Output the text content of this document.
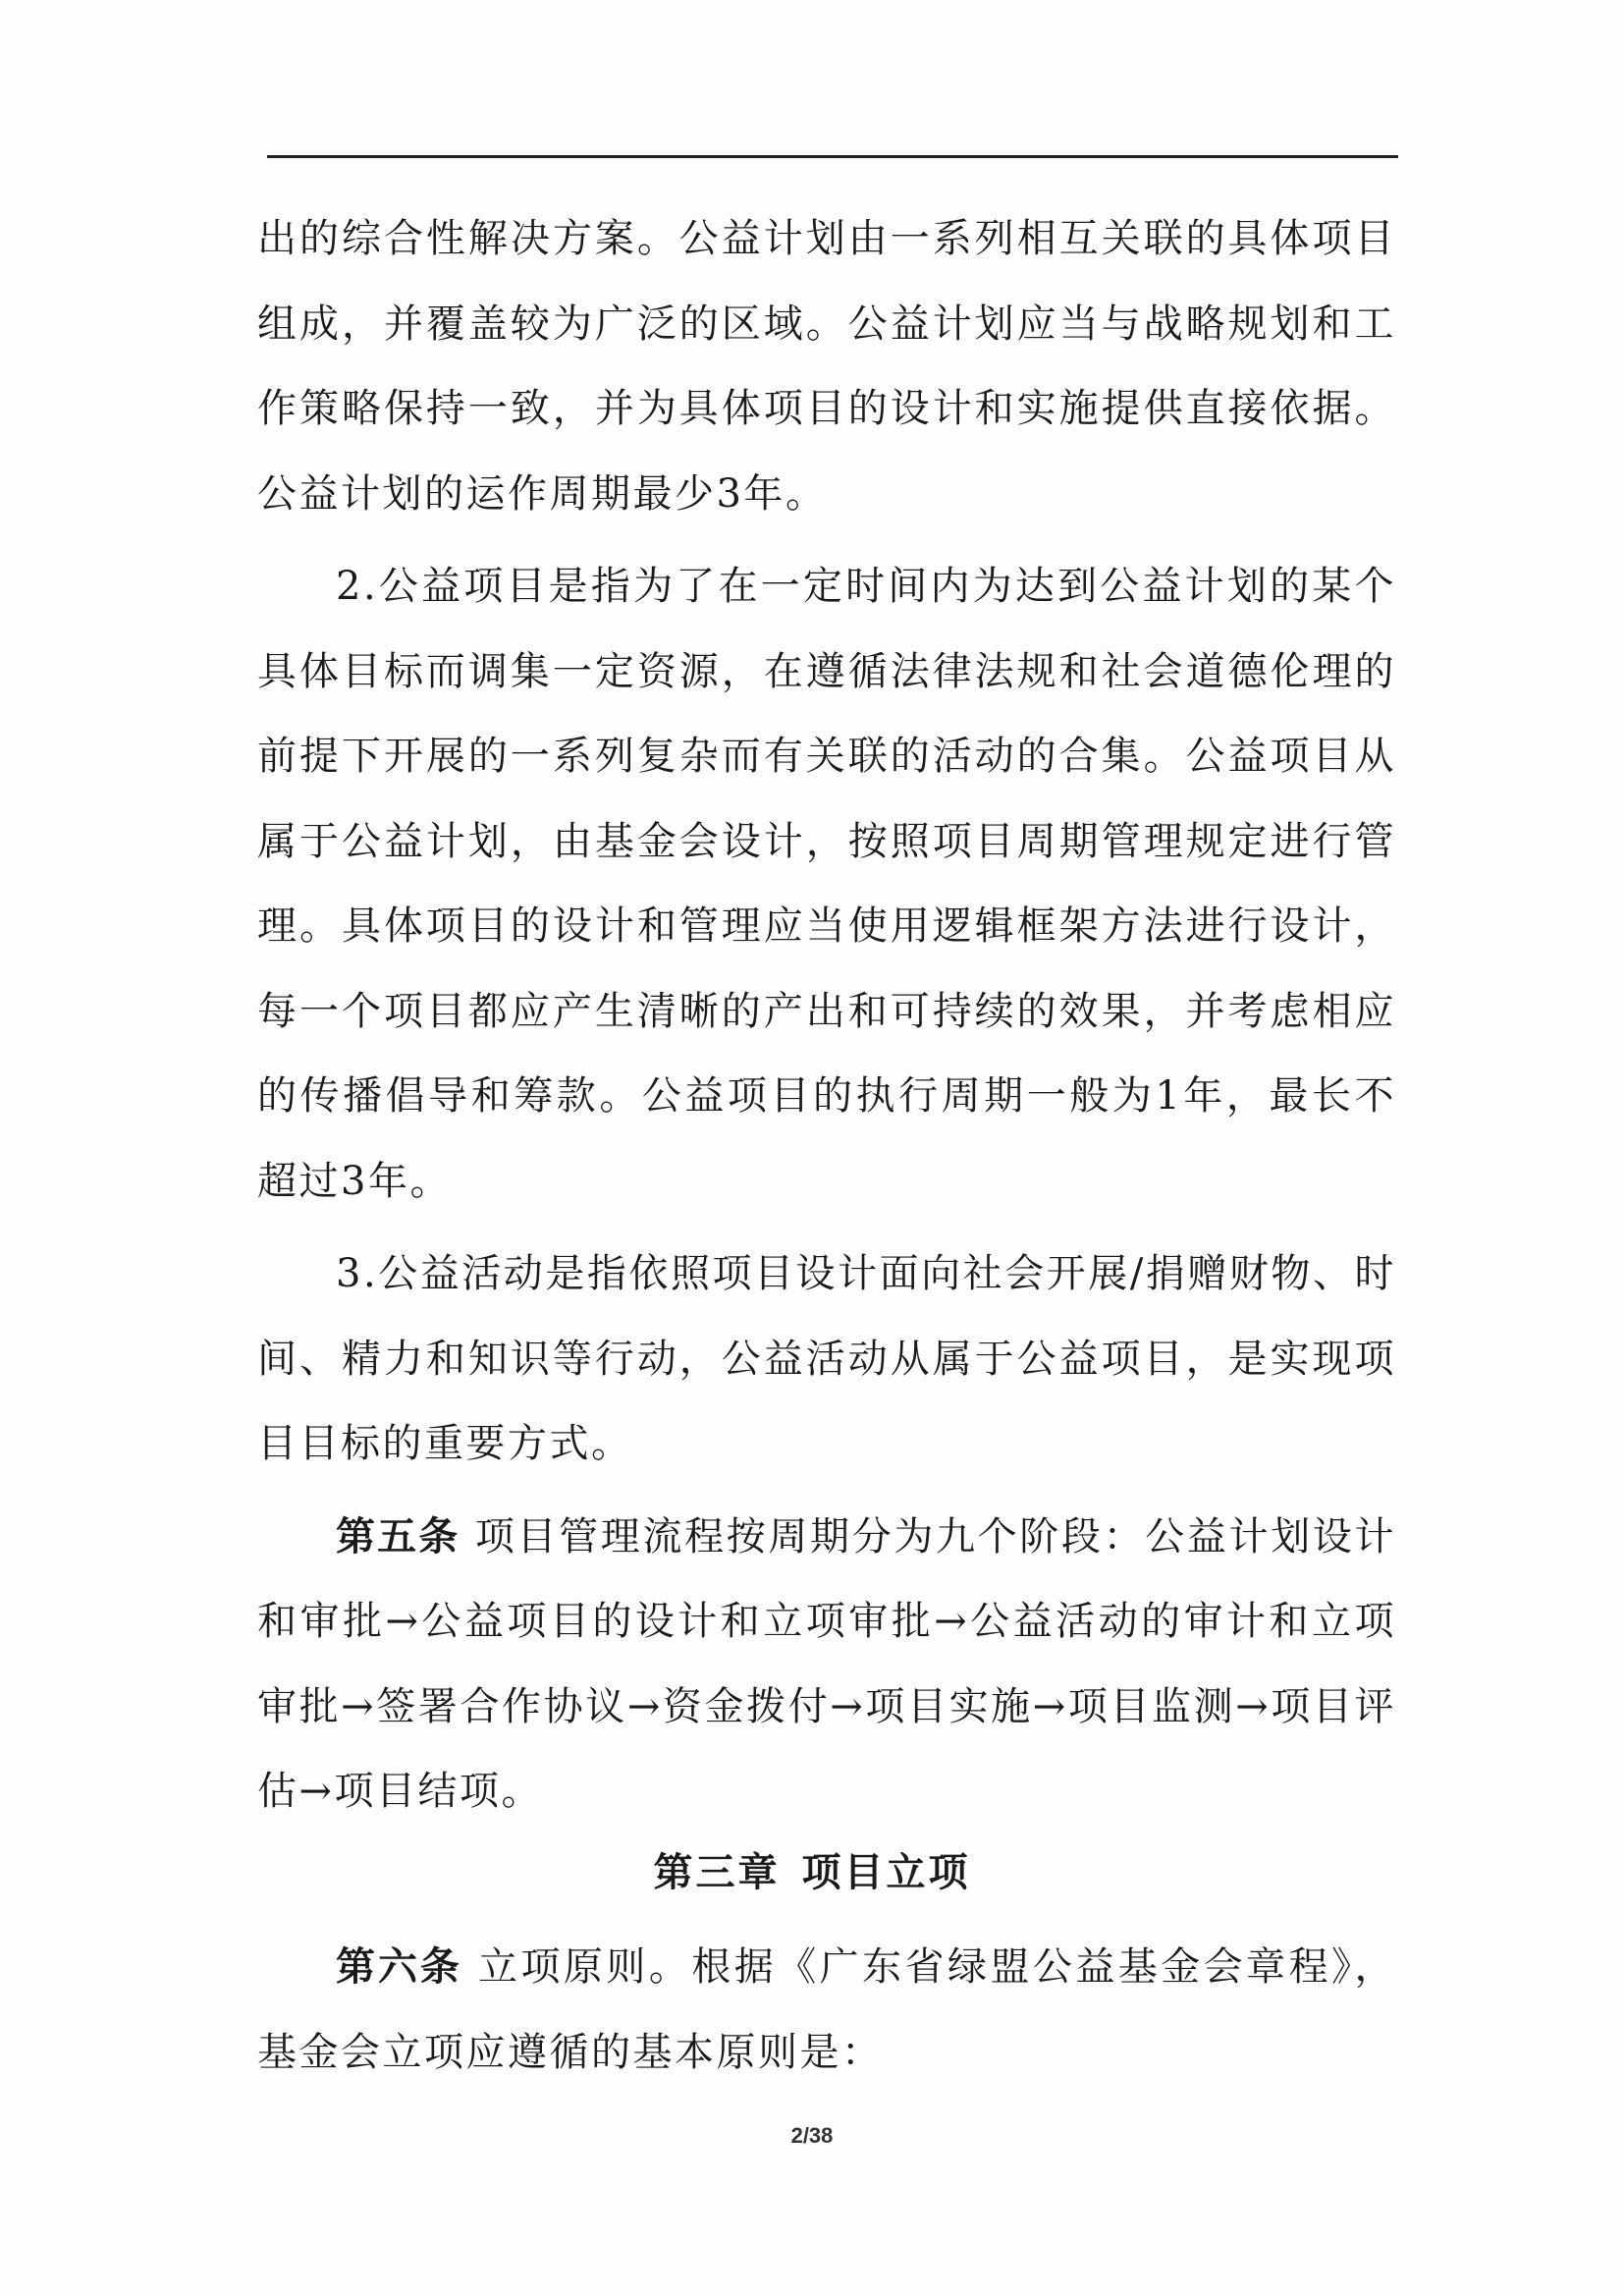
出的综合性解决方案。公益计划由一系列相互关联的具体项目组成，并覆盖较为广泛的区域。公益计划应当与战略规划和工作策略保持一致，并为具体项目的设计和实施提供直接依据。公益计划的运作周期最少3年。

2.公益项目是指为了在一定时间内为达到公益计划的某个具体目标而调集一定资源，在遵循法律法规和社会道德伦理的前提下开展的一系列复杂而有关联的活动的合集。公益项目从属于公益计划，由基金会设计，按照项目周期管理规定进行管理。具体项目的设计和管理应当使用逻辑框架方法进行设计，每一个项目都应产生清晰的产出和可持续的效果，并考虑相应的传播倡导和筹款。公益项目的执行周期一般为1年，最长不超过3年。

3.公益活动是指依照项目设计面向社会开展/捐赠财物、时间、精力和知识等行动，公益活动从属于公益项目，是实现项目目标的重要方式。

第五条 项目管理流程按周期分为九个阶段：公益计划设计和审批→公益项目的设计和立项审批→公益活动的审计和立项审批→签署合作协议→资金拨付→项目实施→项目监测→项目评估→项目结项。

第三章 项目立项

第六条 立项原则。根据《广东省绿盟公益基金会章程》，基金会立项应遵循的基本原则是：

2/38
